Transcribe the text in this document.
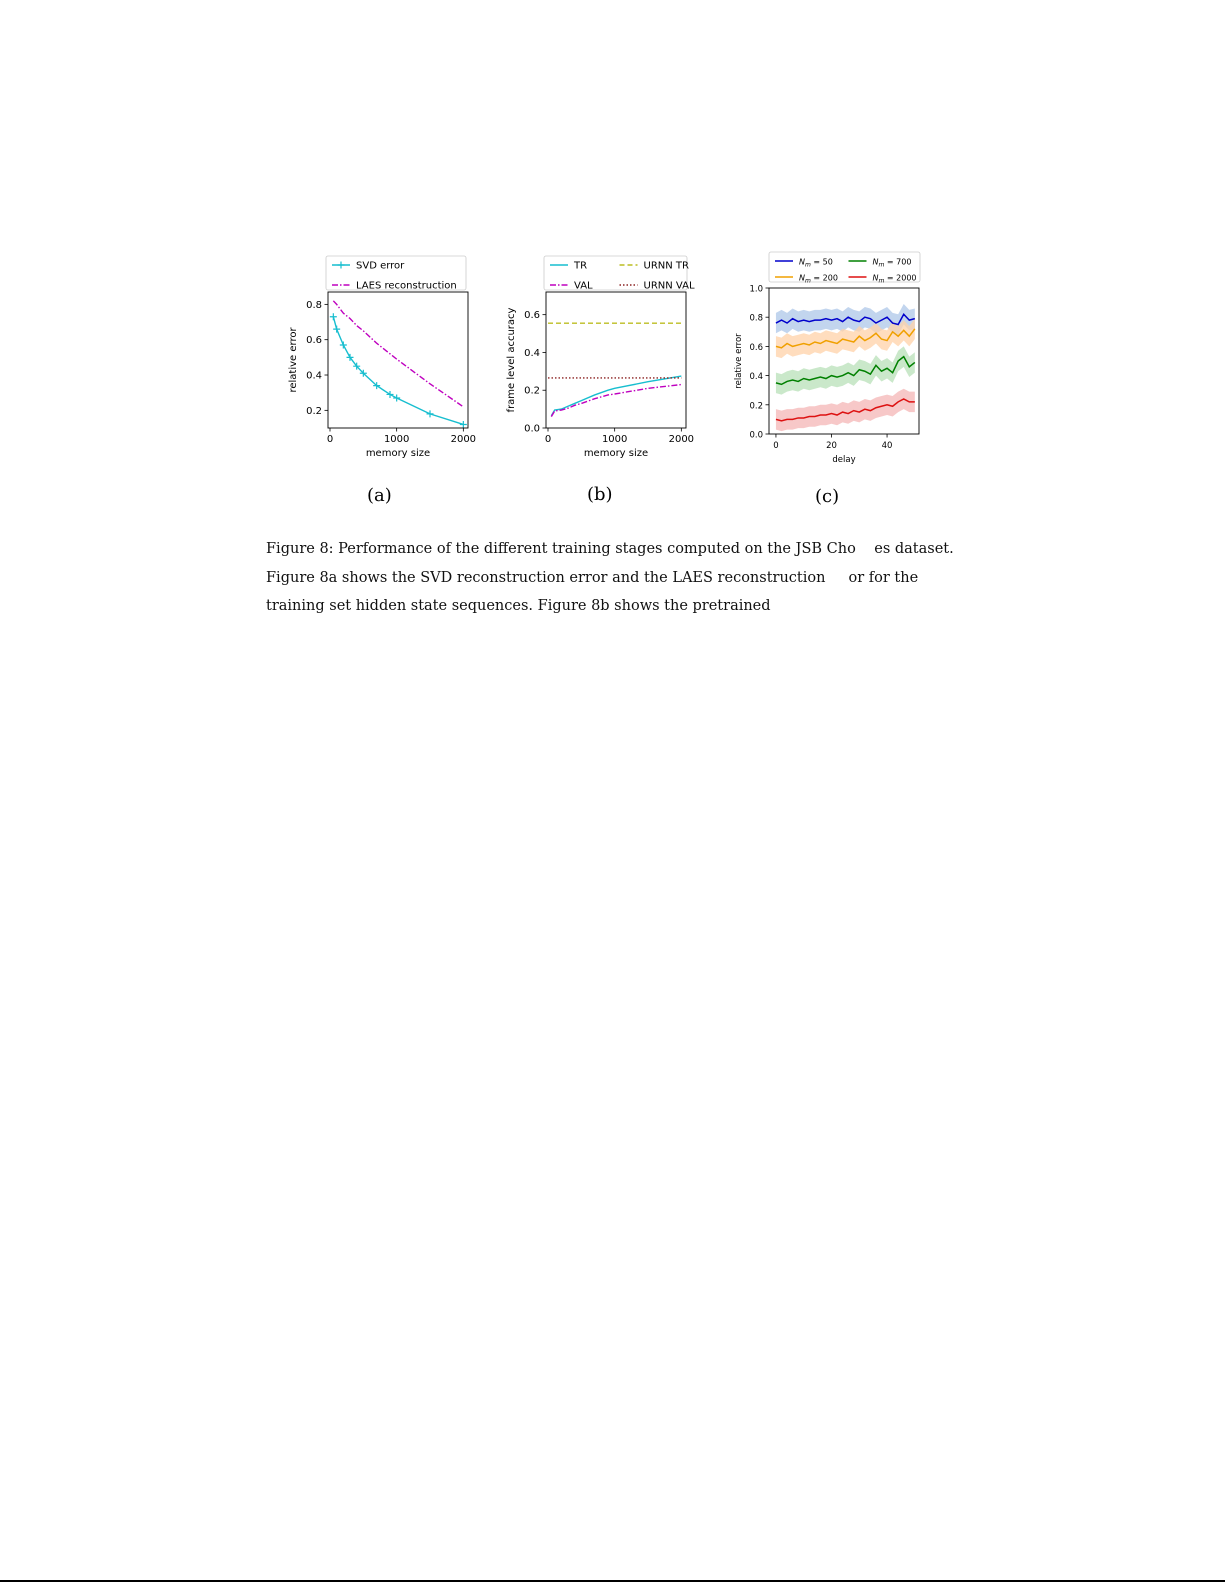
0	1000	2000
0.2
0.4
0.6
0.8
memory size
relative error
SVD error
LAES reconstruction
0	1000	2000
0.0
0.2
0.4
0.6
memory size
frame level accuracy
TR
VAL
URNN TR
URNN VAL
0	20	40
0.0
0.2
0.4
0.6
0.8
1.0
delay
relative error
$N_m = 50$
$N_m = 200$
$N_m = 700$
$N_m = 2000$
(a)	(b)	(c)

Figure 8: Performance of the different training stages computed on the JSB Cho    es dataset.

Figure 8a shows the SVD reconstruction error and the LAES reconstruction     or for the

training set hidden state sequences. Figure 8b shows the pretrained
